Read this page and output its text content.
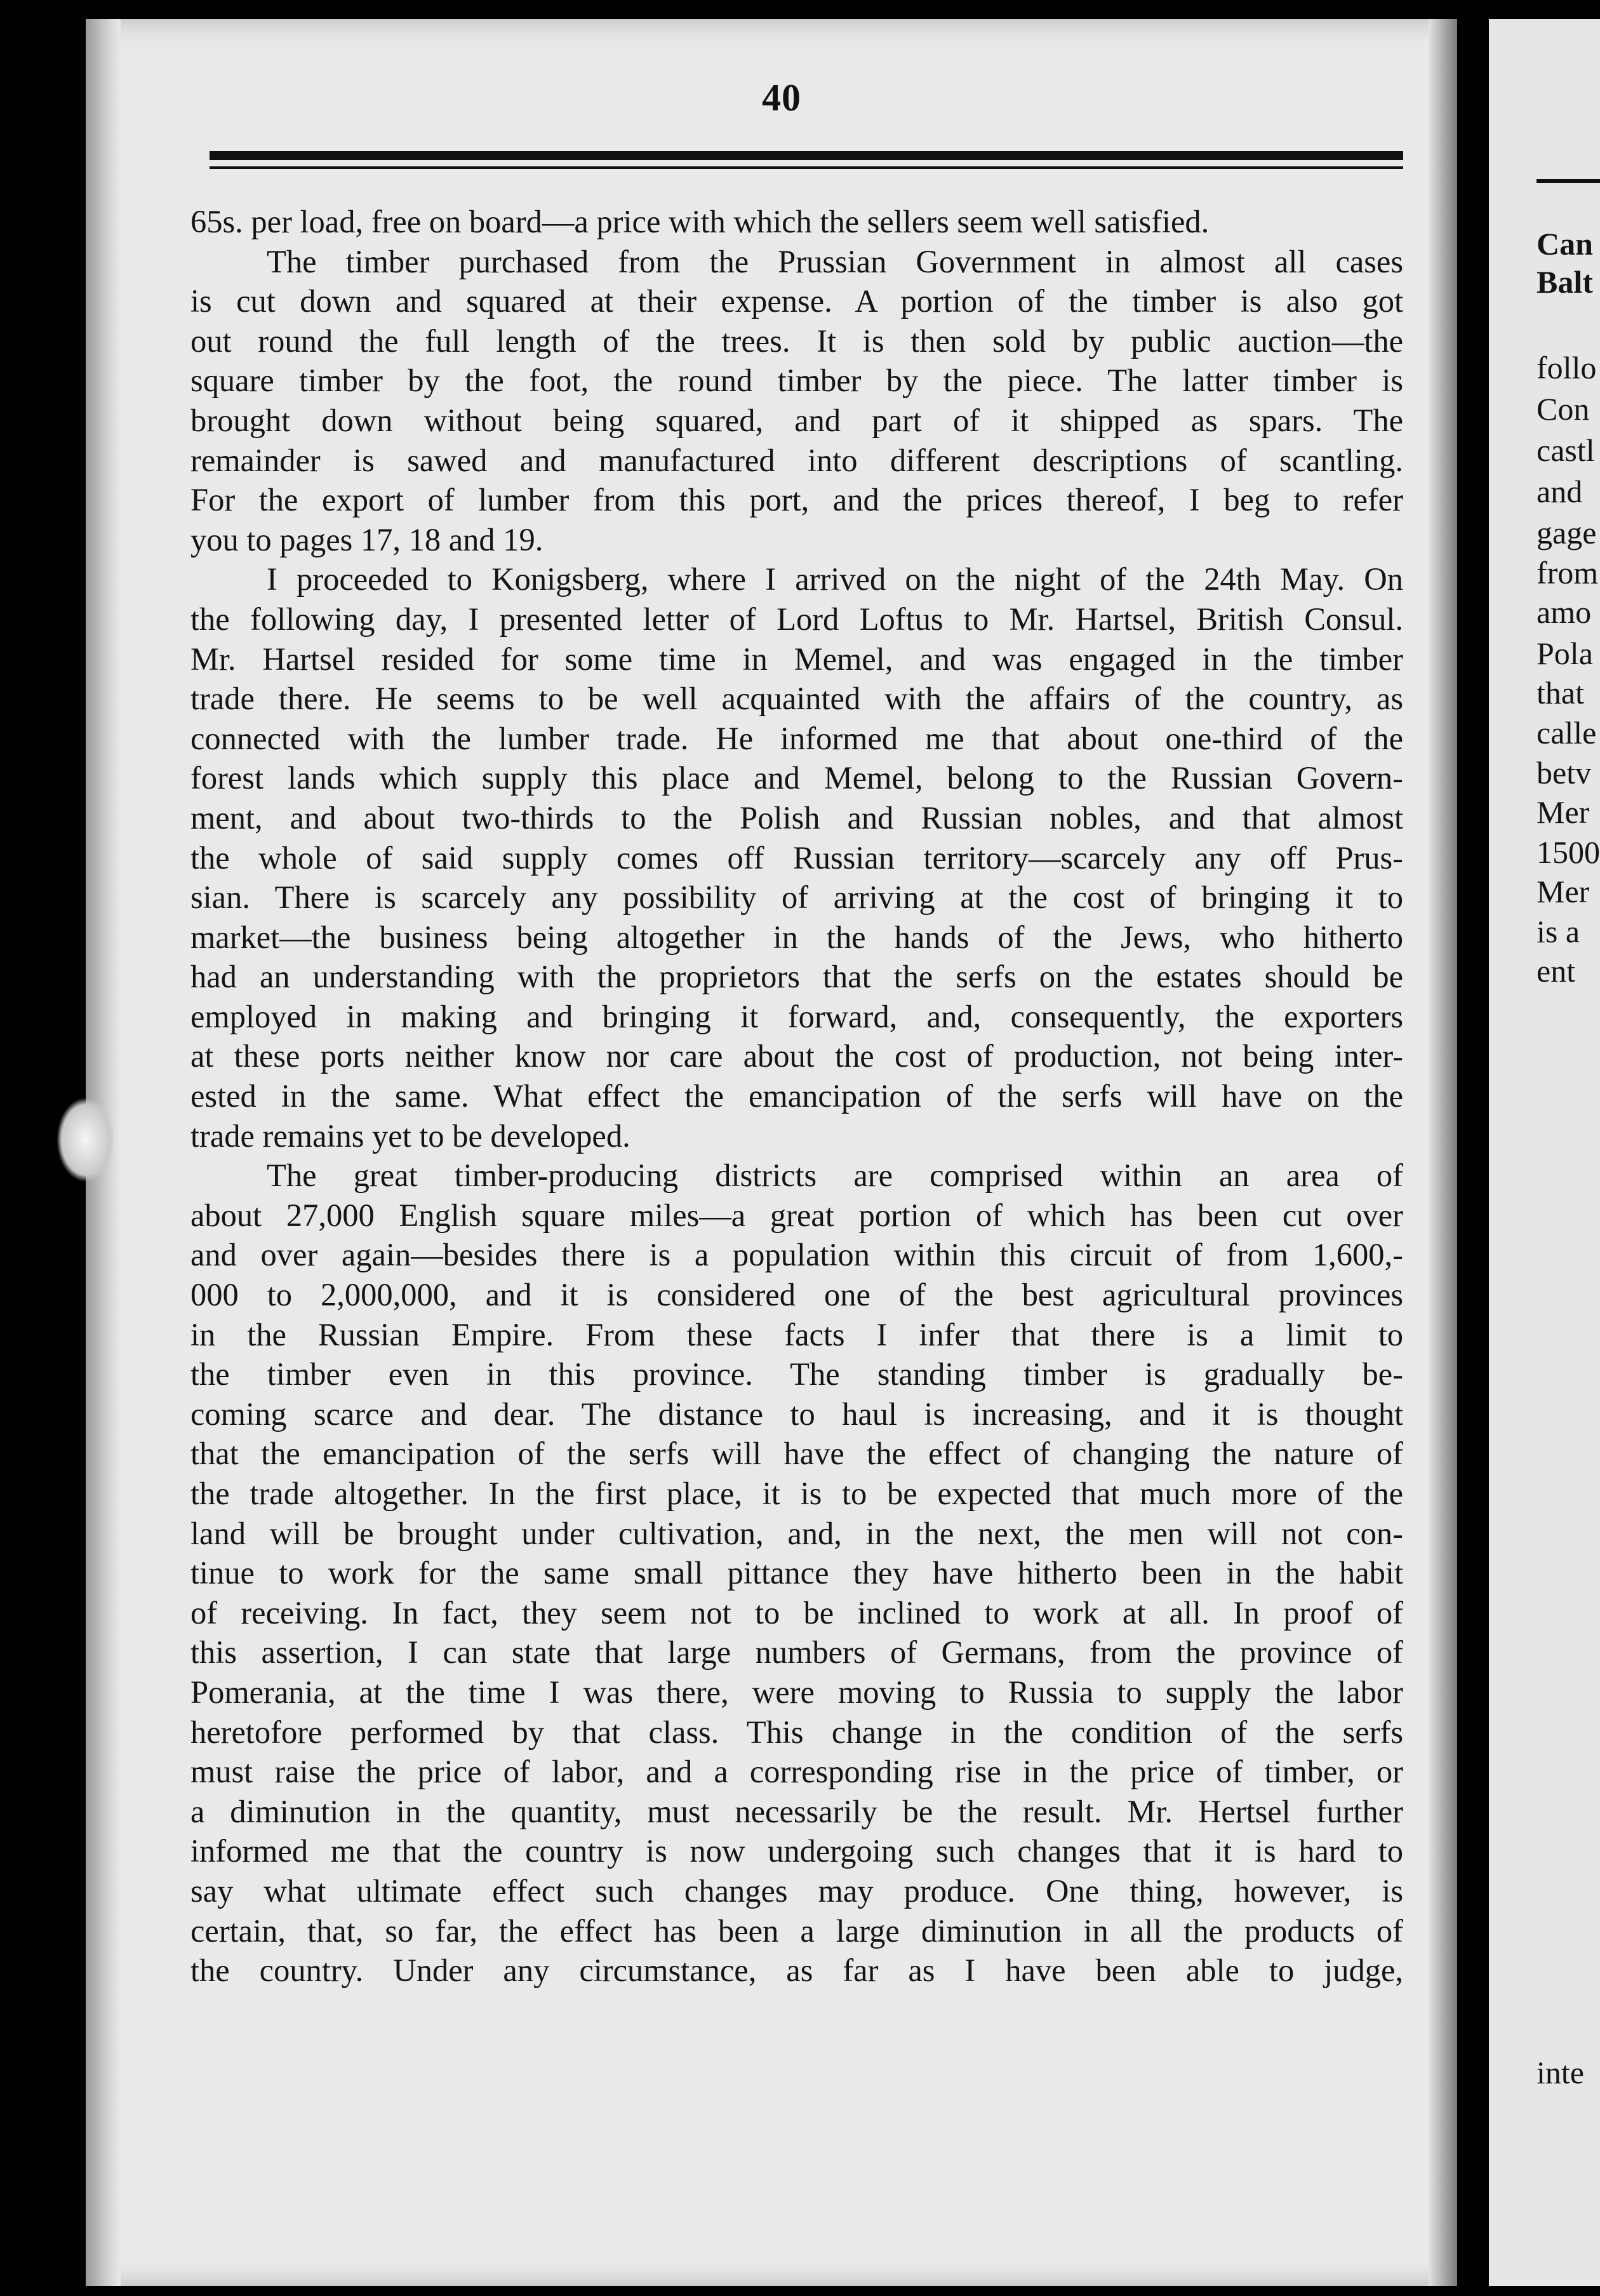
40
65s. per load, free on board—a price with which the sellers seem well satisfied.
The timber purchased from the Prussian Government in almost all cases
is cut down and squared at their expense. A portion of the timber is also got
out round the full length of the trees. It is then sold by public auction—the
square timber by the foot, the round timber by the piece. The latter timber is
brought down without being squared, and part of it shipped as spars. The
remainder is sawed and manufactured into different descriptions of scantling.
For the export of lumber from this port, and the prices thereof, I beg to refer
you to pages 17, 18 and 19.
I proceeded to Konigsberg, where I arrived on the night of the 24th May. On
the following day, I presented letter of Lord Loftus to Mr. Hartsel, British Consul.
Mr. Hartsel resided for some time in Memel, and was engaged in the timber
trade there. He seems to be well acquainted with the affairs of the country, as
connected with the lumber trade. He informed me that about one-third of the
forest lands which supply this place and Memel, belong to the Russian Govern-
ment, and about two-thirds to the Polish and Russian nobles, and that almost
the whole of said supply comes off Russian territory—scarcely any off Prus-
sian. There is scarcely any possibility of arriving at the cost of bringing it to
market—the business being altogether in the hands of the Jews, who hitherto
had an understanding with the proprietors that the serfs on the estates should be
employed in making and bringing it forward, and, consequently, the exporters
at these ports neither know nor care about the cost of production, not being inter-
ested in the same. What effect the emancipation of the serfs will have on the
trade remains yet to be developed.
The great timber-producing districts are comprised within an area of
about 27,000 English square miles—a great portion of which has been cut over
and over again—besides there is a population within this circuit of from 1,600,-
000 to 2,000,000, and it is considered one of the best agricultural provinces
in the Russian Empire. From these facts I infer that there is a limit to
the timber even in this province. The standing timber is gradually be-
coming scarce and dear. The distance to haul is increasing, and it is thought
that the emancipation of the serfs will have the effect of changing the nature of
the trade altogether. In the first place, it is to be expected that much more of the
land will be brought under cultivation, and, in the next, the men will not con-
tinue to work for the same small pittance they have hitherto been in the habit
of receiving. In fact, they seem not to be inclined to work at all. In proof of
this assertion, I can state that large numbers of Germans, from the province of
Pomerania, at the time I was there, were moving to Russia to supply the labor
heretofore performed by that class. This change in the condition of the serfs
must raise the price of labor, and a corresponding rise in the price of timber, or
a diminution in the quantity, must necessarily be the result. Mr. Hertsel further
informed me that the country is now undergoing such changes that it is hard to
say what ultimate effect such changes may produce. One thing, however, is
certain, that, so far, the effect has been a large diminution in all the products of
the country. Under any circumstance, as far as I have been able to judge,
Can
Balt
follo
Con
castl
and
gage
from
amo
Pola
that
calle
betv
Mer
1500
Mer
is a
ent
inte
